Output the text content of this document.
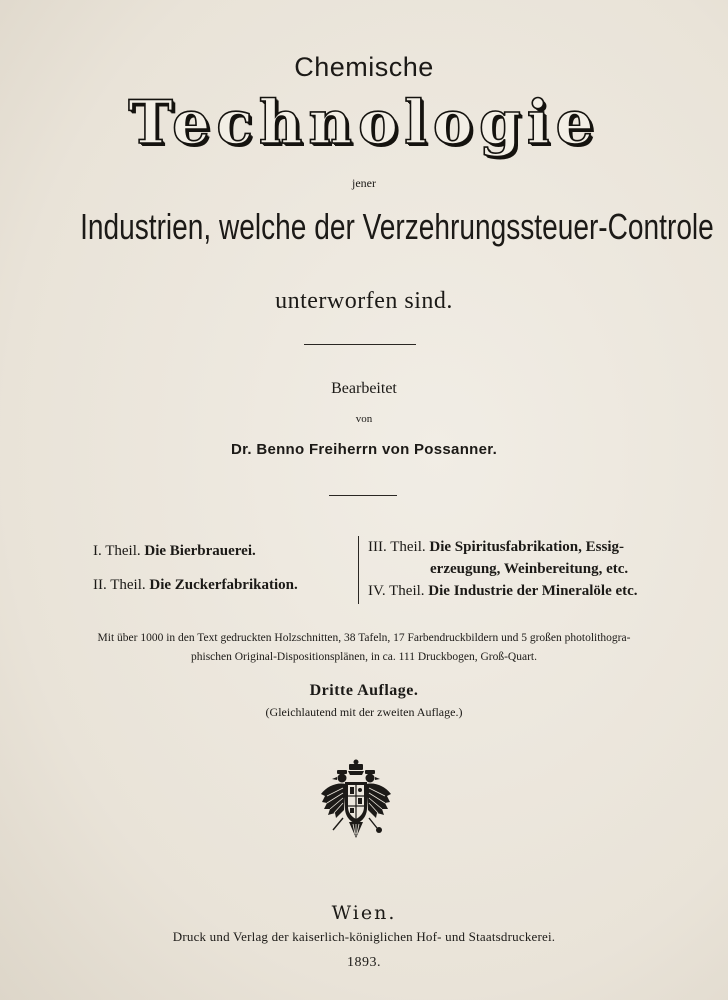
Chemische
Technologie
jener
Industrien, welche der Verzehrungssteuer-Controle
unterworfen sind.
Bearbeitet
von
Dr. Benno Freiherrn von Possanner.
I. Theil. Die Bierbrauerei.
II. Theil. Die Zuckerfabrikation.
III. Theil. Die Spiritusfabrikation, Essig-
erzeugung, Weinbereitung, etc.
IV. Theil. Die Industrie der Mineralöle etc.
Mit über 1000 in den Text gedruckten Holzschnitten, 38 Tafeln, 17 Farbendruckbildern und 5 großen photolithogra-
phischen Original-Dispositionsplänen, in ca. 111 Druckbogen, Groß-Quart.
Dritte Auflage.
(Gleichlautend mit der zweiten Auflage.)
Wien.
Druck und Verlag der kaiserlich-königlichen Hof- und Staatsdruckerei.
1893.
